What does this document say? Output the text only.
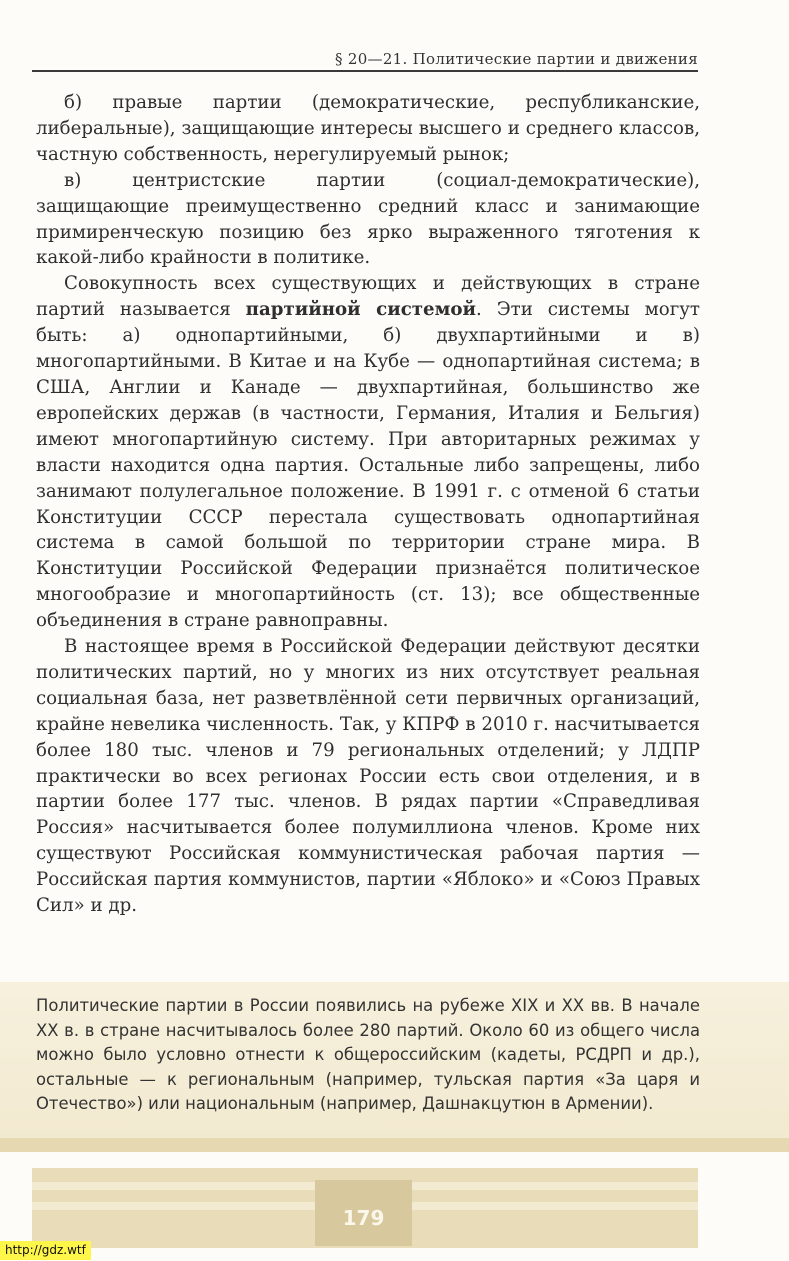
§ 20—21. Политические партии и движения

б) правые партии (демократические, республиканские, либеральные), защищающие интересы высшего и среднего классов, частную собственность, нерегулируемый рынок;

в) центристские партии (социал-демократические), защищающие преимущественно средний класс и занимающие примиренческую позицию без ярко выраженного тяготения к какой-либо крайности в политике.

Совокупность всех существующих и действующих в стране партий называется партийной системой. Эти системы могут быть: а) однопартийными, б) двухпартийными и в) многопартийными. В Китае и на Кубе — однопартийная система; в США, Англии и Канаде — двухпартийная, большинство же европейских держав (в частности, Германия, Италия и Бельгия) имеют многопартийную систему. При авторитарных режимах у власти находится одна партия. Остальные либо запрещены, либо занимают полулегальное положение. В 1991 г. с отменой 6 статьи Конституции СССР перестала существовать однопартийная система в самой большой по территории стране мира. В Конституции Российской Федерации признаётся политическое многообразие и многопартийность (ст. 13); все общественные объединения в стране равноправны.

В настоящее время в Российской Федерации действуют десятки политических партий, но у многих из них отсутствует реальная социальная база, нет разветвлённой сети первичных организаций, крайне невелика численность. Так, у КПРФ в 2010 г. насчитывается более 180 тыс. членов и 79 региональных отделений; у ЛДПР практически во всех регионах России есть свои отделения, и в партии более 177 тыс. членов. В рядах партии «Справедливая Россия» насчитывается более полумиллиона членов. Кроме них существуют Российская коммунистическая рабочая партия — Российская партия коммунистов, партии «Яблоко» и «Союз Правых Сил» и др.

Политические партии в России появились на рубеже XIX и XX вв. В начале XX в. в стране насчитывалось более 280 партий. Около 60 из общего числа можно было условно отнести к общероссийским (кадеты, РСДРП и др.), остальные — к региональным (например, тульская партия «За царя и Отечество») или национальным (например, Дашнакцутюн в Армении).

179
http://gdz.wtf
